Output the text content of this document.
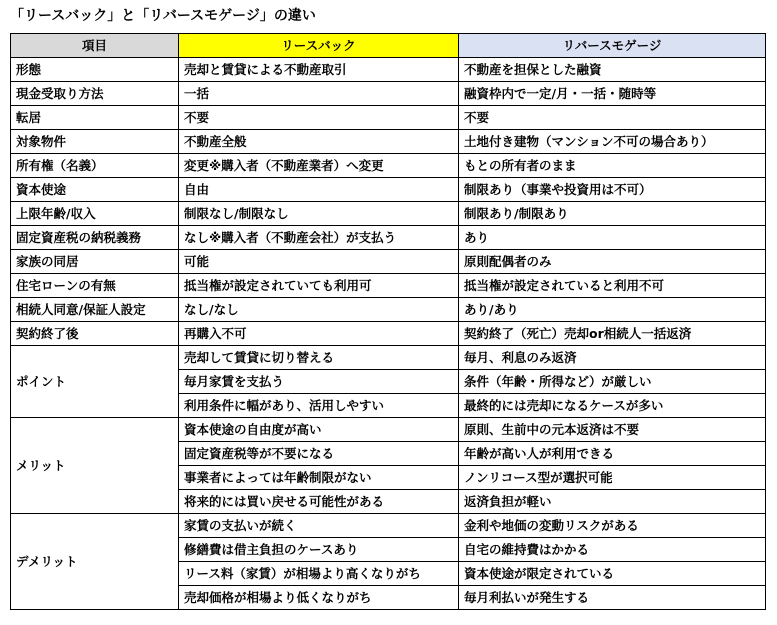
「リースバック」と「リバースモゲージ」の違い
項目	リースバック	リバースモゲージ
形態	売却と賃貸による不動産取引	不動産を担保とした融資
現金受取り方法	一括	融資枠内で一定/月・一括・随時等
転居	不要	不要
対象物件	不動産全般	土地付き建物（マンション不可の場合あり）
所有権（名義）	変更※購入者（不動産業者）へ変更	もとの所有者のまま
資本使途	自由	制限あり（事業や投資用は不可）
上限年齢/収入	制限なし/制限なし	制限あり/制限あり
固定資産税の納税義務	なし※購入者（不動産会社）が支払う	あり
家族の同居	可能	原則配偶者のみ
住宅ローンの有無	抵当権が設定されていても利用可	抵当権が設定されていると利用不可
相続人同意/保証人設定	なし/なし	あり/あり
契約終了後	再購入不可	契約終了（死亡）売却or相続人一括返済
ポイント	売却して賃貸に切り替える	毎月、利息のみ返済
	毎月家賃を支払う	条件（年齢・所得など）が厳しい
	利用条件に幅があり、活用しやすい	最終的には売却になるケースが多い
メリット	資本使途の自由度が高い	原則、生前中の元本返済は不要
	固定資産税等が不要になる	年齢が高い人が利用できる
	事業者によっては年齢制限がない	ノンリコース型が選択可能
	将来的には買い戻せる可能性がある	返済負担が軽い
デメリット	家賃の支払いが続く	金利や地価の変動リスクがある
	修繕費は借主負担のケースあり	自宅の維持費はかかる
	リース料（家賃）が相場より高くなりがち	資本使途が限定されている
	売却価格が相場より低くなりがち	毎月利払いが発生する
